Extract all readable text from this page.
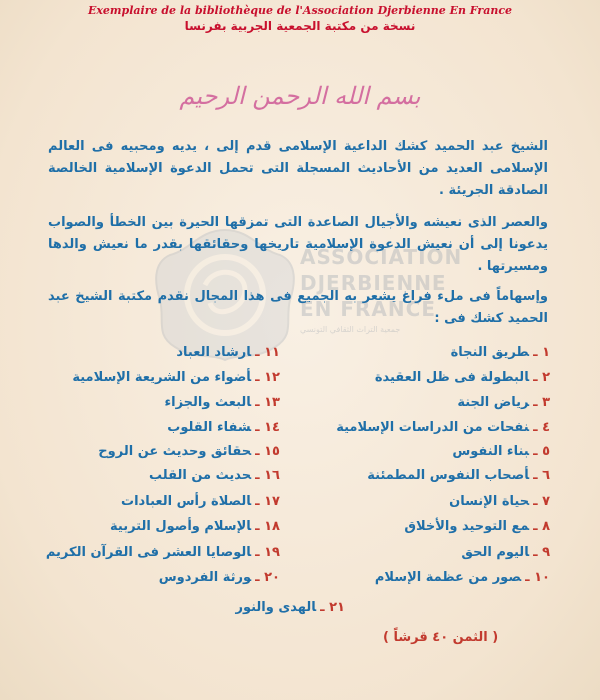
Exemplaire de la bibliothèque de l'Association Djerbienne En France
نسخة من مكتبة الجمعية الجربية بفرنسا
ASSOCIATION
DJERBIENNE
EN FRANCE
جمعية التراث الثقافي التونسي
بسم الله الرحمن الرحيم
الشيخ عبد الحميد كشك الداعية الإسلامى قدم إلى ، يديه ومحبيه فى العالم الإسلامى العديد من الأحاديث المسجلة التى تحمل الدعوة الإسلامية الخالصة الصادقة الجريئة .
والعصر الذى نعيشه والأجيال الصاعدة التى تمزقها الحيرة بين الخطأ والصواب يدعونا إلى أن نعيش الدعوة الإسلامية تاريخها وحقائقها بقدر ما نعيش والدها ومسيرتها .
وإسهاماً فى ملء فراغ يشعر به الجميع فى هذا المجال نقدم مكتبة الشيخ عبد الحميد كشك فى :
١ ـطريق النجاة
٢ ـالبطولة فى ظل العقيدة
٣ ـرياض الجنة
٤ ـنفحات من الدراسات الإسلامية
٥ ـبناء النفوس
٦ ـأصحاب النفوس المطمئنة
٧ ـحياة الإنسان
٨ ـمع التوحيد والأخلاق
٩ ـاليوم الحق
١٠ ـصور من عظمة الإسلام
١١ ـارشاد العباد
١٢ ـأضواء من الشريعة الإسلامية
١٣ ـالبعث والجزاء
١٤ ـشفاء القلوب
١٥ ـحقائق وحديث عن الروح
١٦ ـحديث من القلب
١٧ ـالصلاة رأس العبادات
١٨ ـالإسلام وأصول التربية
١٩ ـالوصايا العشر فى القرآن الكريم
٢٠ ـورثة الفردوس
٢١ ـالهدى والنور
( الثمن ٤٠ قرشاً )
